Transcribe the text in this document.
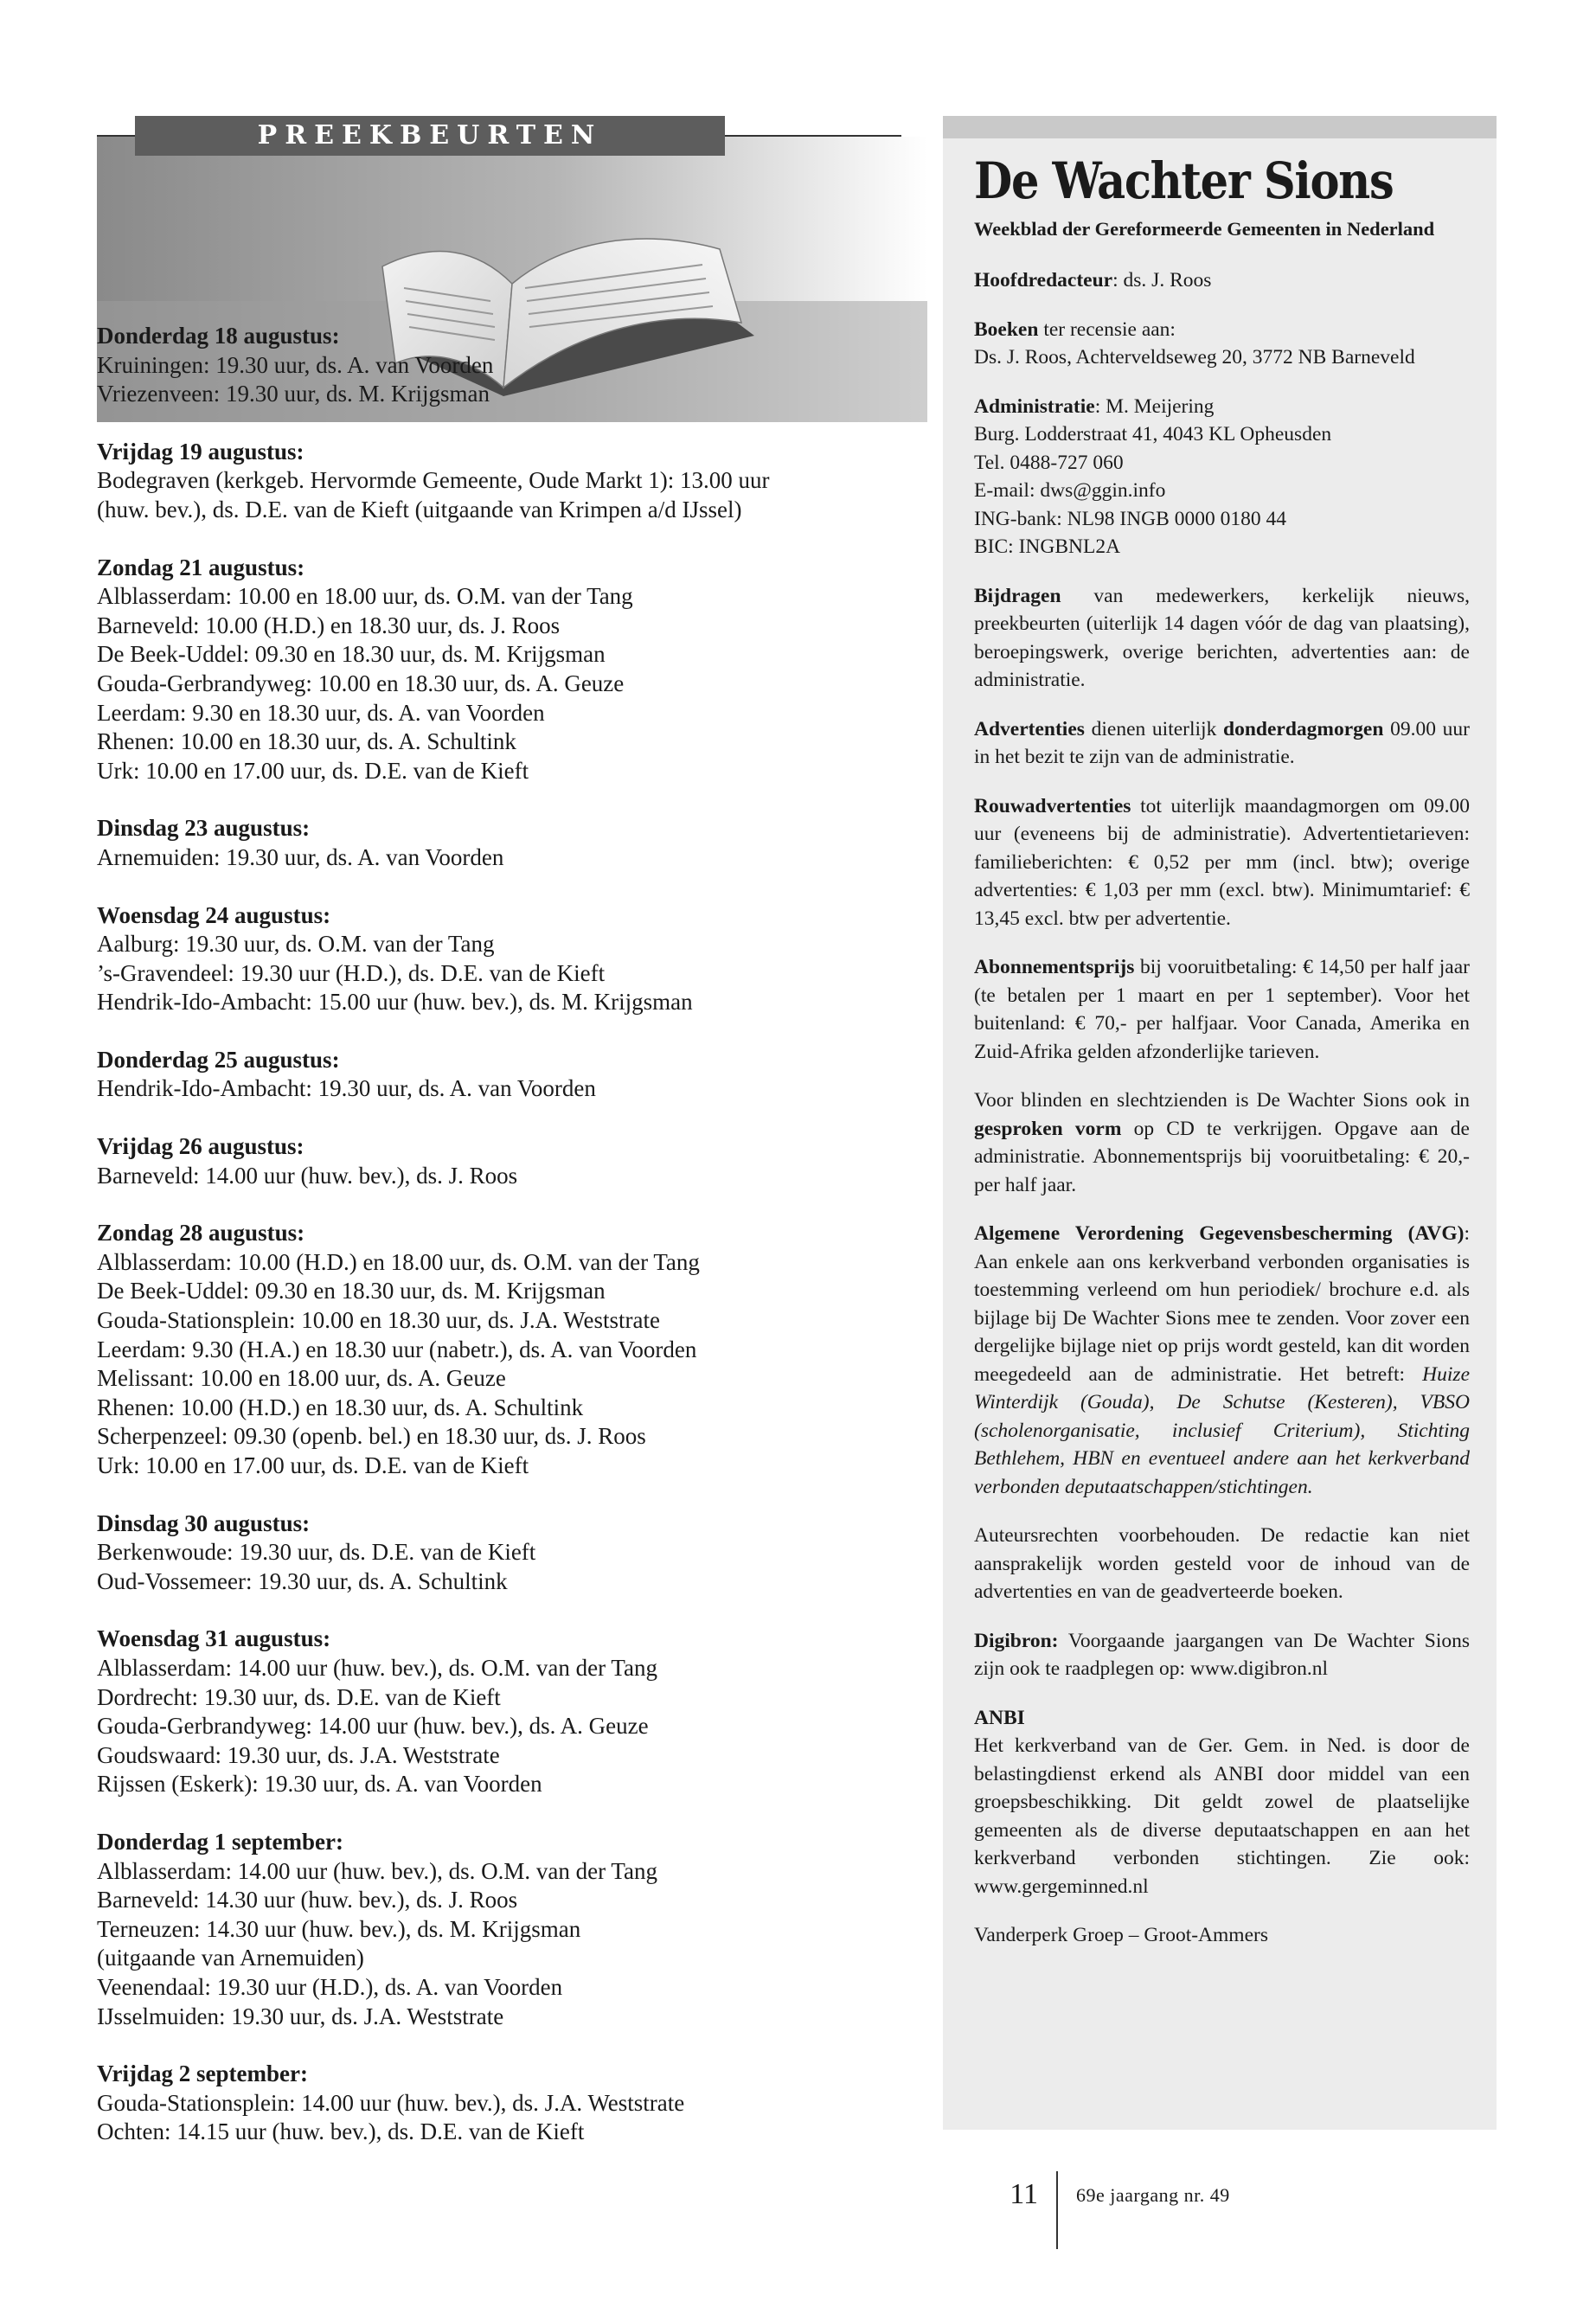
PREEKBEURTEN
Donderdag 18 augustus:
Kruiningen: 19.30 uur, ds. A. van Voorden
Vriezenveen: 19.30 uur, ds. M. Krijgsman
Vrijdag 19 augustus:
Bodegraven (kerkgeb. Hervormde Gemeente, Oude Markt 1): 13.00 uur
(huw. bev.), ds. D.E. van de Kieft (uitgaande van Krimpen a/d IJssel)
Zondag 21 augustus:
Alblasserdam: 10.00 en 18.00 uur, ds. O.M. van der Tang
Barneveld: 10.00 (H.D.) en 18.30 uur, ds. J. Roos
De Beek-Uddel: 09.30 en 18.30 uur, ds. M. Krijgsman
Gouda-Gerbrandyweg: 10.00 en 18.30 uur, ds. A. Geuze
Leerdam: 9.30 en 18.30 uur, ds. A. van Voorden
Rhenen: 10.00 en 18.30 uur, ds. A. Schultink
Urk: 10.00 en 17.00 uur, ds. D.E. van de Kieft
Dinsdag 23 augustus:
Arnemuiden: 19.30 uur, ds. A. van Voorden
Woensdag 24 augustus:
Aalburg: 19.30 uur, ds. O.M. van der Tang
’s-Gravendeel: 19.30 uur (H.D.), ds. D.E. van de Kieft
Hendrik-Ido-Ambacht: 15.00 uur (huw. bev.), ds. M. Krijgsman
Donderdag 25 augustus:
Hendrik-Ido-Ambacht: 19.30 uur, ds. A. van Voorden
Vrijdag 26 augustus:
Barneveld: 14.00 uur (huw. bev.), ds. J. Roos
Zondag 28 augustus:
Alblasserdam: 10.00 (H.D.) en 18.00 uur, ds. O.M. van der Tang
De Beek-Uddel: 09.30 en 18.30 uur, ds. M. Krijgsman
Gouda-Stationsplein: 10.00 en 18.30 uur, ds. J.A. Weststrate
Leerdam: 9.30 (H.A.) en 18.30 uur (nabetr.), ds. A. van Voorden
Melissant: 10.00 en 18.00 uur, ds. A. Geuze
Rhenen: 10.00 (H.D.) en 18.30 uur, ds. A. Schultink
Scherpenzeel: 09.30 (openb. bel.) en 18.30 uur, ds. J. Roos
Urk: 10.00 en 17.00 uur, ds. D.E. van de Kieft
Dinsdag 30 augustus:
Berkenwoude: 19.30 uur, ds. D.E. van de Kieft
Oud-Vossemeer: 19.30 uur, ds. A. Schultink
Woensdag 31 augustus:
Alblasserdam: 14.00 uur (huw. bev.), ds. O.M. van der Tang
Dordrecht: 19.30 uur, ds. D.E. van de Kieft
Gouda-Gerbrandyweg: 14.00 uur (huw. bev.), ds. A. Geuze
Goudswaard: 19.30 uur, ds. J.A. Weststrate
Rijssen (Eskerk): 19.30 uur, ds. A. van Voorden
Donderdag 1 september:
Alblasserdam: 14.00 uur (huw. bev.), ds. O.M. van der Tang
Barneveld: 14.30 uur (huw. bev.), ds. J. Roos
Terneuzen: 14.30 uur (huw. bev.), ds. M. Krijgsman
(uitgaande van Arnemuiden)
Veenendaal: 19.30 uur (H.D.), ds. A. van Voorden
IJsselmuiden: 19.30 uur, ds. J.A. Weststrate
Vrijdag 2 september:
Gouda-Stationsplein: 14.00 uur (huw. bev.), ds. J.A. Weststrate
Ochten: 14.15 uur (huw. bev.), ds. D.E. van de Kieft
De Wachter Sions
Weekblad der Gereformeerde Gemeenten in Nederland
Hoofdredacteur: ds. J. Roos
Boeken ter recensie aan:
Ds. J. Roos, Achterveldseweg 20, 3772 NB Barneveld
Administratie: M. Meijering
Burg. Lodderstraat 41, 4043 KL Opheusden
Tel. 0488-727 060
E-mail: dws@ggin.info
ING-bank: NL98 INGB 0000 0180 44
BIC: INGBNL2A
Bijdragen van medewerkers, kerkelijk nieuws, preekbeurten (uiterlijk 14 dagen vóór de dag van plaatsing), beroepingswerk, overige berichten, advertenties aan: de administratie.
Advertenties dienen uiterlijk donderdagmorgen 09.00 uur in het bezit te zijn van de administratie.
Rouwadvertenties tot uiterlijk maandagmorgen om 09.00 uur (eveneens bij de administratie). Advertentietarieven: familieberichten: € 0,52 per mm (incl. btw); overige advertenties: € 1,03 per mm (excl. btw). Minimumtarief: € 13,45 excl. btw per advertentie.
Abonnementsprijs bij vooruitbetaling: € 14,50 per half jaar (te betalen per 1 maart en per 1 september). Voor het buitenland: € 70,- per halfjaar. Voor Canada, Amerika en Zuid-Afrika gelden afzonderlijke tarieven.
Voor blinden en slechtzienden is De Wachter Sions ook in gesproken vorm op CD te verkrijgen. Opgave aan de administratie. Abonnementsprijs bij vooruitbetaling: € 20,- per half jaar.
Algemene Verordening Gegevensbescherming (AVG): Aan enkele aan ons kerkverband verbonden organisaties is toestemming verleend om hun periodiek/ brochure e.d. als bijlage bij De Wachter Sions mee te zenden. Voor zover een dergelijke bijlage niet op prijs wordt gesteld, kan dit worden meegedeeld aan de administratie. Het betreft: Huize Winterdijk (Gouda), De Schutse (Kesteren), VBSO (scholenorganisatie, inclusief Criterium), Stichting Bethlehem, HBN en eventueel andere aan het kerkverband verbonden deputaatschappen/stichtingen.
Auteursrechten voorbehouden. De redactie kan niet aansprakelijk worden gesteld voor de inhoud van de advertenties en van de geadverteerde boeken.
Digibron: Voorgaande jaargangen van De Wachter Sions zijn ook te raadplegen op: www.digibron.nl
ANBI
Het kerkverband van de Ger. Gem. in Ned. is door de belastingdienst erkend als ANBI door middel van een groepsbeschikking. Dit geldt zowel de plaatselijke gemeenten als de diverse deputaatschappen en aan het kerkverband verbonden stichtingen. Zie ook: www.gergeminned.nl
Vanderperk Groep – Groot-Ammers
11 69e jaargang nr. 49
